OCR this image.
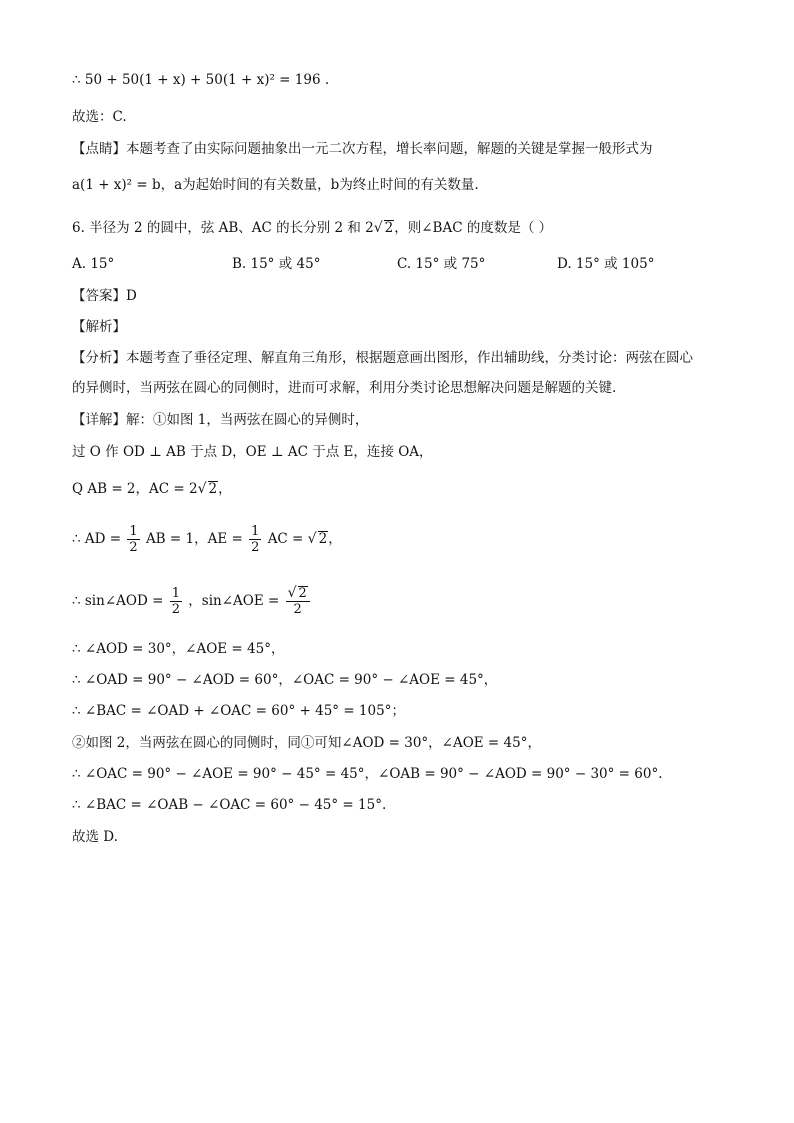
∴ 50 + 50(1 + x) + 50(1 + x)² = 196 .
故选：C.
【点睛】本题考查了由实际问题抽象出一元二次方程，增长率问题，解题的关键是掌握一般形式为
a(1 + x)² = b，a为起始时间的有关数量，b为终止时间的有关数量.
6. 半径为 2 的圆中，弦 AB、AC 的长分别 2 和 2√ 2，则∠BAC 的度数是（ ）
A. 15°	B. 15° 或 45°	C. 15° 或 75°	D. 15° 或 105°
【答案】D
【解析】
【分析】本题考查了垂径定理、解直角三角形，根据题意画出图形，作出辅助线，分类讨论：两弦在圆心
的异侧时，当两弦在圆心的同侧时，进而可求解，利用分类讨论思想解决问题是解题的关键.
【详解】解：①如图 1，当两弦在圆心的异侧时，
过 O 作 OD ⊥ AB 于点 D，OE ⊥ AC 于点 E，连接 OA，
Q AB = 2，AC = 2√ 2，
∴ AD = $\frac{1}{2}$ AB = 1，AE = $\frac{1}{2}$ AC = √ 2，
∴ sin∠AOD = $\frac{1}{2}$ ，sin∠AOE = $\frac{√ 2}{2}$
∴ ∠AOD = 30°，∠AOE = 45°，
∴ ∠OAD = 90° − ∠AOD = 60°，∠OAC = 90° − ∠AOE = 45°，
∴ ∠BAC = ∠OAD + ∠OAC = 60° + 45° = 105°；
②如图 2，当两弦在圆心的同侧时，同①可知∠AOD = 30°，∠AOE = 45°，
∴ ∠OAC = 90° − ∠AOE = 90° − 45° = 45°，∠OAB = 90° − ∠AOD = 90° − 30° = 60°.
∴ ∠BAC = ∠OAB − ∠OAC = 60° − 45° = 15°.
故选 D.
